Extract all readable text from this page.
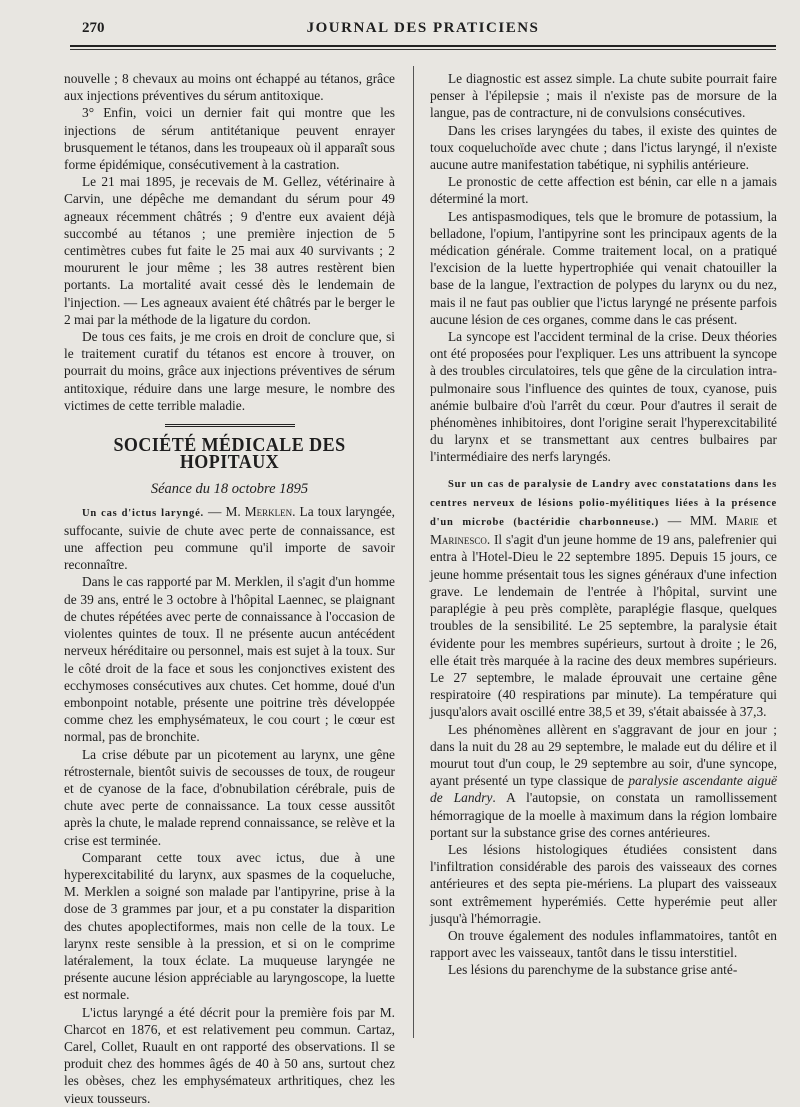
270	JOURNAL DES PRATICIENS

nouvelle ; 8 chevaux au moins ont échappé au tétanos, grâce aux injections préventives du sérum antitoxique.

3° Enfin, voici un dernier fait qui montre que les injections de sérum antitétanique peuvent enrayer brusquement le tétanos, dans les troupeaux où il apparaît sous forme épidémique, consécutivement à la castration.

Le 21 mai 1895, je recevais de M. Gellez, vétérinaire à Carvin, une dépêche me demandant du sérum pour 49 agneaux récemment châtrés ; 9 d'entre eux avaient déjà succombé au tétanos ; une première injection de 5 centimètres cubes fut faite le 25 mai aux 40 survivants ; 2 moururent le jour même ; les 38 autres restèrent bien portants. La mortalité avait cessé dès le lendemain de l'injection. — Les agneaux avaient été châtrés par le berger le 2 mai par la méthode de la ligature du cordon.

De tous ces faits, je me crois en droit de conclure que, si le traitement curatif du tétanos est encore à trouver, on pourrait du moins, grâce aux injections préventives de sérum antitoxique, réduire dans une large mesure, le nombre des victimes de cette terrible maladie.

SOCIÉTÉ MÉDICALE DES HOPITAUX
Séance du 18 octobre 1895

Un cas d'ictus laryngé. — M. Merklen. La toux laryngée, suffocante, suivie de chute avec perte de connaissance, est une affection peu commune qu'il importe de savoir reconnaître.

Dans le cas rapporté par M. Merklen, il s'agit d'un homme de 39 ans, entré le 3 octobre à l'hôpital Laennec, se plaignant de chutes répétées avec perte de connaissance à l'occasion de violentes quintes de toux. Il ne présente aucun antécédent nerveux héréditaire ou personnel, mais est sujet à la toux. Sur le côté droit de la face et sous les conjonctives existent des ecchymoses consécutives aux chutes. Cet homme, doué d'un embonpoint notable, présente une poitrine très développée comme chez les emphysémateux, le cou court ; le cœur est normal, pas de bronchite.

La crise débute par un picotement au larynx, une gêne rétrosternale, bientôt suivis de secousses de toux, de rougeur et de cyanose de la face, d'obnubilation cérébrale, puis de chute avec perte de connaissance. La toux cesse aussitôt après la chute, le malade reprend connaissance, se relève et la crise est terminée.

Comparant cette toux avec ictus, due à une hyperexcitabilité du larynx, aux spasmes de la coqueluche, M. Merklen a soigné son malade par l'antipyrine, prise à la dose de 3 grammes par jour, et a pu constater la disparition des chutes apoplectiformes, mais non celle de la toux. Le larynx reste sensible à la pression, et si on le comprime latéralement, la toux éclate. La muqueuse laryngée ne présente aucune lésion appréciable au laryngoscope, la luette est normale.

L'ictus laryngé a été décrit pour la première fois par M. Charcot en 1876, et est relativement peu commun. Cartaz, Carel, Collet, Ruault en ont rapporté des observations. Il se produit chez des hommes âgés de 40 à 50 ans, surtout chez les obèses, chez les emphysémateux arthritiques, chez les vieux tousseurs.

Le diagnostic est assez simple. La chute subite pourrait faire penser à l'épilepsie ; mais il n'existe pas de morsure de la langue, pas de contracture, ni de convulsions consécutives.

Dans les crises laryngées du tabes, il existe des quintes de toux coqueluchoïde avec chute ; dans l'ictus laryngé, il n'existe aucune autre manifestation tabétique, ni syphilis antérieure.

Le pronostic de cette affection est bénin, car elle n a jamais déterminé la mort.

Les antispasmodiques, tels que le bromure de potassium, la belladone, l'opium, l'antipyrine sont les principaux agents de la médication générale. Comme traitement local, on a pratiqué l'excision de la luette hypertrophiée qui venait chatouiller la base de la langue, l'extraction de polypes du larynx ou du nez, mais il ne faut pas oublier que l'ictus laryngé ne présente parfois aucune lésion de ces organes, comme dans le cas présent.

La syncope est l'accident terminal de la crise. Deux théories ont été proposées pour l'expliquer. Les uns attribuent la syncope à des troubles circulatoires, tels que gêne de la circulation intra-pulmonaire sous l'influence des quintes de toux, cyanose, puis anémie bulbaire d'où l'arrêt du cœur. Pour d'autres il serait de phénomènes inhibitoires, dont l'origine serait l'hyperexcitabilité du larynx et se transmettant aux centres bulbaires par l'intermédiaire des nerfs laryngés.

Sur un cas de paralysie de Landry avec constatations dans les centres nerveux de lésions polio-myélitiques liées à la présence d'un microbe (bactéridie charbonneuse.) — MM. Marie et Marinesco. Il s'agit d'un jeune homme de 19 ans, palefrenier qui entra à l'Hotel-Dieu le 22 septembre 1895. Depuis 15 jours, ce jeune homme présentait tous les signes généraux d'une infection grave. Le lendemain de l'entrée à l'hôpital, survint une paraplégie à peu près complète, paraplégie flasque, quelques troubles de la sensibilité. Le 25 septembre, la paralysie était évidente pour les membres supérieurs, surtout à droite ; le 26, elle était très marquée à la racine des deux membres supérieurs. Le 27 septembre, le malade éprouvait une certaine gêne respiratoire (40 respirations par minute). La température qui jusqu'alors avait oscillé entre 38,5 et 39, s'était abaissée à 37,3.

Les phénomènes allèrent en s'aggravant de jour en jour ; dans la nuit du 28 au 29 septembre, le malade eut du délire et il mourut tout d'un coup, le 29 septembre au soir, d'une syncope, ayant présenté un type classique de paralysie ascendante aiguë de Landry. A l'autopsie, on constata un ramollissement hémorragique de la moelle à maximum dans la région lombaire portant sur la substance grise des cornes antérieures.

Les lésions histologiques étudiées consistent dans l'infiltration considérable des parois des vaisseaux des cornes antérieures et des septa pie-mériens. La plupart des vaisseaux sont extrêmement hyperémiés. Cette hyperémie peut aller jusqu'à l'hémorragie.

On trouve également des nodules inflammatoires, tantôt en rapport avec les vaisseaux, tantôt dans le tissu interstitiel.

Les lésions du parenchyme de la substance grise anté-
